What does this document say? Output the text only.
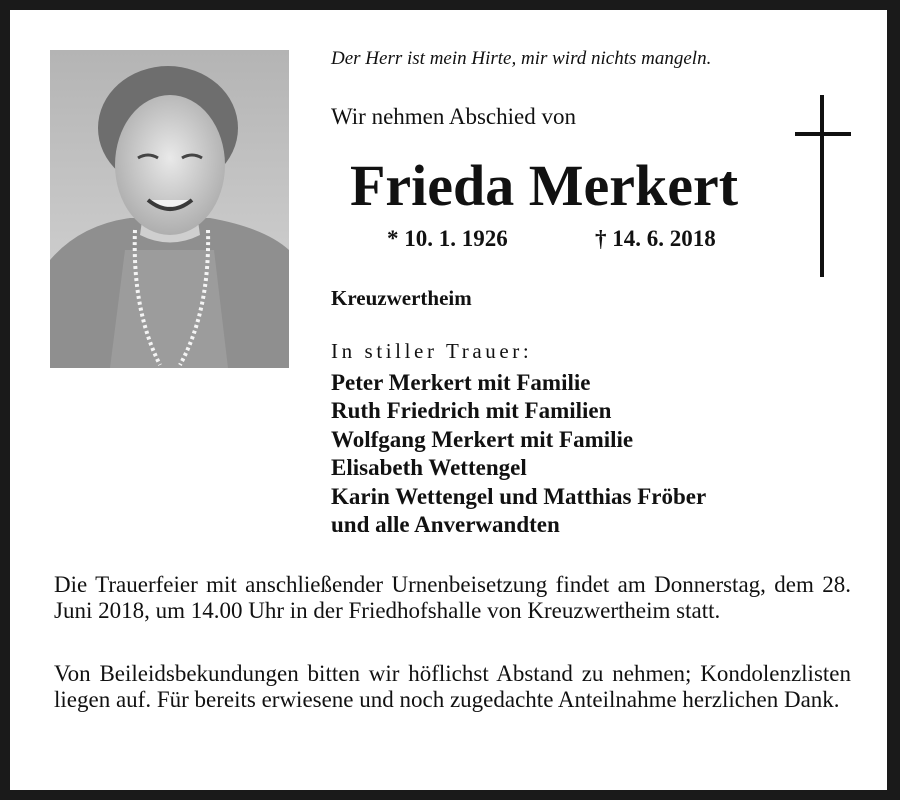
Der Herr ist mein Hirte, mir wird nichts mangeln.
Wir nehmen Abschied von
Frieda Merkert
* 10. 1. 1926	† 14. 6. 2018
Kreuzwertheim
In stiller Trauer:
Peter Merkert mit Familie
Ruth Friedrich mit Familien
Wolfgang Merkert mit Familie
Elisabeth Wettengel
Karin Wettengel und Matthias Fröber
und alle Anverwandten

Die Trauerfeier mit anschließender Urnenbeisetzung findet am Donnerstag, dem 28. Juni 2018, um 14.00 Uhr in der Friedhofshalle von Kreuzwertheim statt.

Von Beileidsbekundungen bitten wir höflichst Abstand zu nehmen; Kondolenzlisten liegen auf. Für bereits erwiesene und noch zugedachte Anteilnahme herzlichen Dank.
